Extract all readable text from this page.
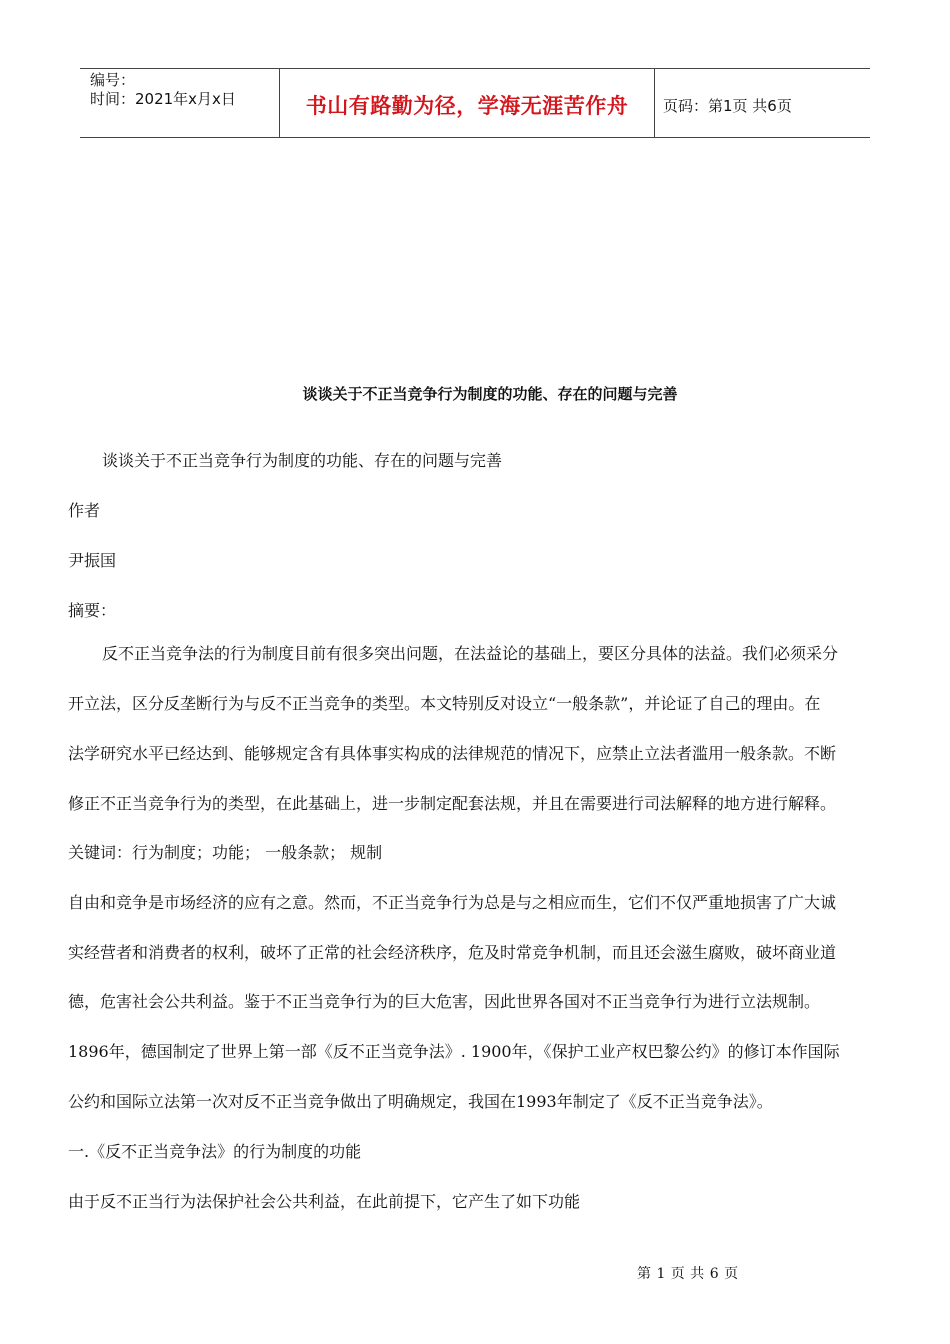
编号：
时间：2021年x月x日	书山有路勤为径，学海无涯苦作舟 页码：第1页 共6页
谈谈关于不正当竞争行为制度的功能、存在的问题与完善
谈谈关于不正当竞争行为制度的功能、存在的问题与完善
作者
尹振国
摘要：
反不正当竞争法的行为制度目前有很多突出问题，在法益论的基础上，要区分具体的法益。我们必须采分
开立法，区分反垄断行为与反不正当竞争的类型。本文特别反对设立“一般条款”，并论证了自己的理由。在
法学研究水平已经达到、能够规定含有具体事实构成的法律规范的情况下，应禁止立法者滥用一般条款。不断
修正不正当竞争行为的类型，在此基础上，进一步制定配套法规，并且在需要进行司法解释的地方进行解释。
关键词：行为制度；功能； 一般条款； 规制
自由和竞争是市场经济的应有之意。然而，不正当竞争行为总是与之相应而生，它们不仅严重地损害了广大诚
实经营者和消费者的权利，破坏了正常的社会经济秩序，危及时常竞争机制，而且还会滋生腐败，破坏商业道
德，危害社会公共利益。鉴于不正当竞争行为的巨大危害，因此世界各国对不正当竞争行为进行立法规制。
1896年，德国制定了世界上第一部《反不正当竞争法》. 1900年，《保护工业产权巴黎公约》的修订本作国际
公约和国际立法第一次对反不正当竞争做出了明确规定，我国在1993年制定了《反不正当竞争法》。
一.《反不正当竞争法》的行为制度的功能
由于反不正当行为法保护社会公共利益，在此前提下，它产生了如下功能
第 1 页 共 6 页
